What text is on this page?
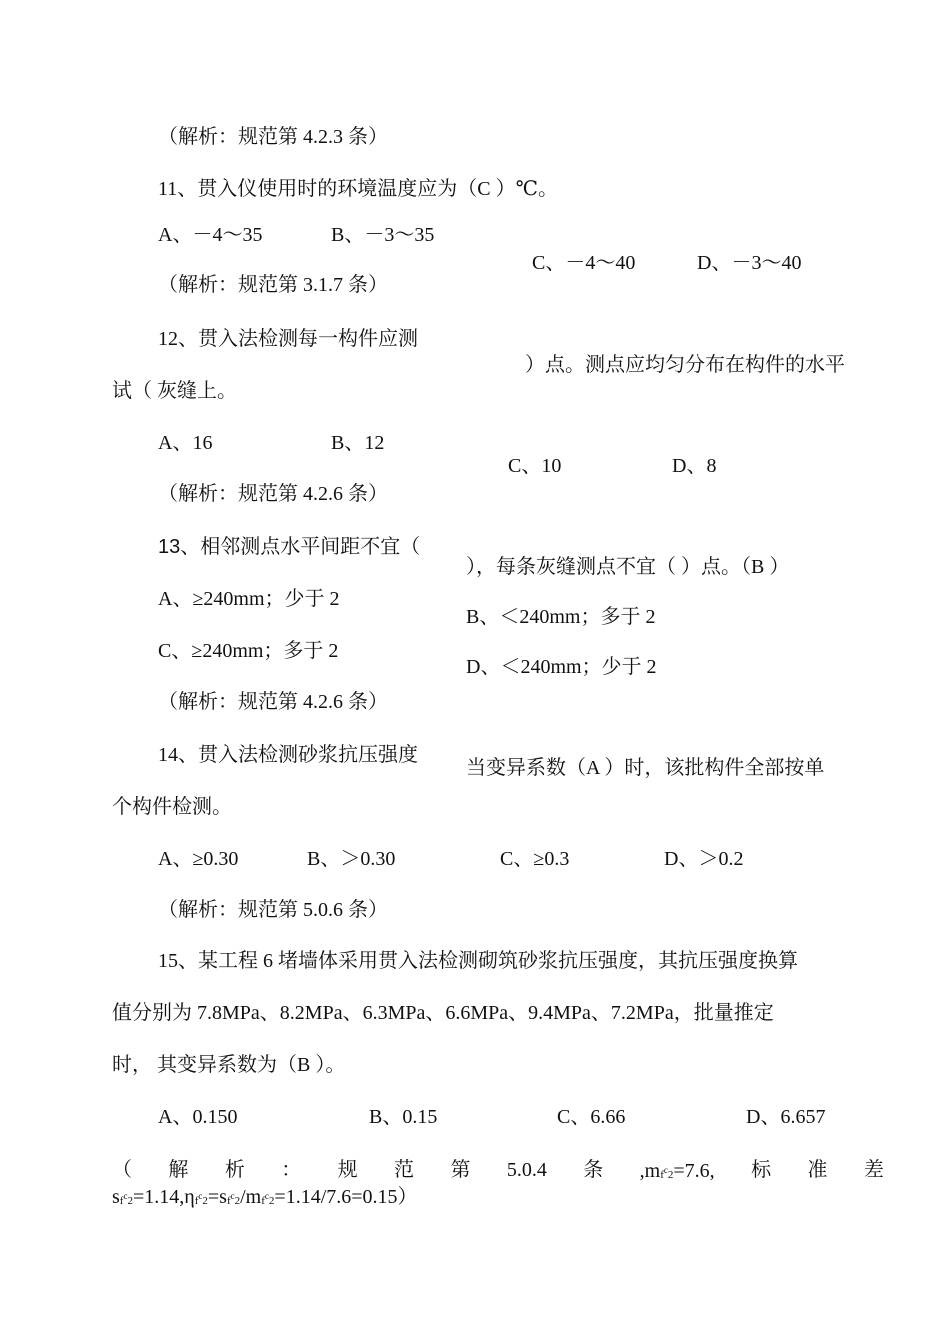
（解析：规范第 4.2.3 条）
11、贯入仪使用时的环境温度应为（C ）℃。
A、－4～35	B、－3～35
C、－4～40	D、－3～40
（解析：规范第 3.1.7 条）
12、贯入法检测每一构件应测
）点。测点应均匀分布在构件的水平
试（ 灰缝上。
A、16	B、12
C、10	D、8
（解析：规范第 4.2.6 条）
13、相邻测点水平间距不宜（
），每条灰缝测点不宜（ ）点。（B ）
A、≥240mm；少于 2
B、＜240mm；多于 2
C、≥240mm；多于 2
D、＜240mm；少于 2
（解析：规范第 4.2.6 条）
14、贯入法检测砂浆抗压强度
当变异系数（A ）时，该批构件全部按单
个构件检测。
A、≥0.30	B、＞0.30	C、≥0.3	D、＞0.2
（解析：规范第 5.0.6 条）
15、某工程 6 堵墙体采用贯入法检测砌筑砂浆抗压强度，其抗压强度换算
值分别为 7.8MPa、8.2MPa、6.3MPa、6.6MPa、9.4MPa、7.2MPa，批量推定
时， 其变异系数为（B ）。
A、0.150	B、0.15	C、6.66	D、6.657
（ 解 析 ： 规 范 第 5.0.4 条 $,mf^c2=7.6$, 标 准 差
$sf^c2=1.14,\eta f^c2=sf^c2/mf^c2=1.14/7.6=0.15$）
